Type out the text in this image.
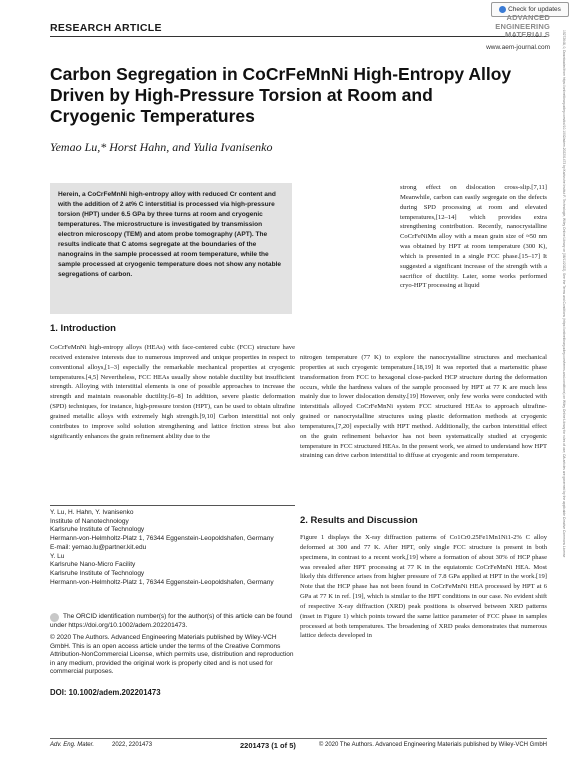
RESEARCH ARTICLE
Check for updates
ADVANCED
ENGINEERING
MATERIALS
www.aem-journal.com	15272648, 0, Downloaded from https://onlinelibrary.wiley.com/doi/10.1002/adem.202201473 by Karlsruhe Institut F. Technologie, Wiley Online Library on [08/11/2022]. See the Terms and Conditions (https://onlinelibrary.wiley.com/terms-and-conditions) on Wiley Online Library for rules of use; OA articles are governed by the applicable Creative Commons License
Carbon Segregation in CoCrFeMnNi High-Entropy Alloy Driven by High-Pressure Torsion at Room and Cryogenic Temperatures
Yemao Lu,* Horst Hahn, and Yulia Ivanisenko
Herein, a CoCrFeMnNi high-entropy alloy with reduced Cr content and with the addition of 2 at% C interstitial is processed via high-pressure torsion (HPT) under 6.5 GPa by three turns at room and cryogenic temperatures. The microstructure is investigated by transmission electron microscopy (TEM) and atom probe tomography (APT). The results indicate that C atoms segregate at the boundaries of the nanograins in the sample processed at room temperature, while the sample processed at cryogenic temperature does not show any notable segregations of carbon.

strong effect on dislocation cross-slip.[7,11] Meanwhile, carbon can easily segregate on the defects during SPD processing at room and elevated temperatures,[12–14] which provides extra strengthening contribution. Recently, nanocrystalline CoCrFeNiMn alloy with a mean grain size of ≈50 nm was obtained by HPT at room temperature (300 K), which is presented in a single FCC phase.[15–17] It suggested a significant increase of the strength with a sacrifice of ductility. Later, some works performed cryo-HPT processing at liquid

nitrogen temperature (77 K) to explore the nanocrystalline structures and mechanical properties at such cryogenic temperature.[18,19] It was reported that a martensitic phase transformation from FCC to hexagonal close-packed HCP structure during the deformation occurs, while the hardness values of the sample processed by HPT at 77 K are much less mainly due to lower dislocation density.[19] However, only few works were conducted with interstitials alloyed CoCrFeMnNi system FCC structured HEAs to approach ultrafine-grained or nanocrystalline structures using plastic deformation methods at cryogenic temperatures,[7,20] especially with HPT method. Additionally, the carbon interstitial effect on the grain refinement behavior has not been systematically studied at cryogenic temperature in FCC structured HEAs. In the present work, we aimed to understand how HPT straining can drive carbon interstitial to diffuse at cryogenic and room temperature.

1. Introduction

CoCrFeMnNi high-entropy alloys (HEAs) with face-centered cubic (FCC) structure have received extensive interests due to numerous improved and unique properties in respect to conventional alloys,[1–3] especially the remarkable mechanical properties at cryogenic temperatures.[4,5] Nevertheless, FCC HEAs usually show notable ductility but insufficient strength. Alloying with interstitial elements is one of possible approaches to increase the strength and maintain reasonable ductility.[6–8] In addition, severe plastic deformation (SPD) techniques, for instance, high-pressure torsion (HPT), can be used to obtain ultrafine grained metallic alloys with extremely high strength.[9,10] Carbon interstitial not only contributes to improve solid solution strengthening and lattice friction stress but also significantly enhances the grain refinement ability due to the

Y. Lu, H. Hahn, Y. Ivanisenko
Institute of Nanotechnology
Karlsruhe Institute of Technology
Hermann-von-Helmholtz-Platz 1, 76344 Eggenstein-Leopoldshafen, Germany
E-mail: yemao.lu@partner.kit.edu
Y. Lu
Karlsruhe Nano-Micro Facility
Karlsruhe Institute of Technology
Hermann-von-Helmholtz-Platz 1, 76344 Eggenstein-Leopoldshafen, Germany
The ORCID identification number(s) for the author(s) of this article can be found under https://doi.org/10.1002/adem.202201473.
© 2020 The Authors. Advanced Engineering Materials published by Wiley-VCH GmbH. This is an open access article under the terms of the Creative Commons Attribution-NonCommercial License, which permits use, distribution and reproduction in any medium, provided the original work is properly cited and is not used for commercial purposes.
DOI: 10.1002/adem.202201473
2. Results and Discussion

Figure 1 displays the X-ray diffraction patterns of Co1Cr0.25Fe1Mn1Ni1-2% C alloy deformed at 300 and 77 K. After HPT, only single FCC structure is present in both specimens, in contrast to a recent work,[19] where a formation of about 30% of HCP phase was revealed after HPT processing at 77 K in the equiatomic CoCrFeMnNi HEA. Most likely this difference arises from higher pressure of 7.8 GPa applied at HPT in the work.[19] Note that the HCP phase has not been found in CoCrFeMnNi HEA processed by HPT at 6 GPa at 77 K in ref. [19], which is similar to the HPT conditions in our case. No evident shift of respective X-ray diffraction (XRD) peak positions is observed between XRD patterns (inset in Figure 1) which points toward the same lattice parameter of FCC phase in samples processed at both temperatures. The broadening of XRD peaks demonstrates that numerous lattice defects developed in

Adv. Eng. Mater.	2022, 2201473	2201473 (1 of 5)	© 2020 The Authors. Advanced Engineering Materials published by Wiley-VCH GmbH
